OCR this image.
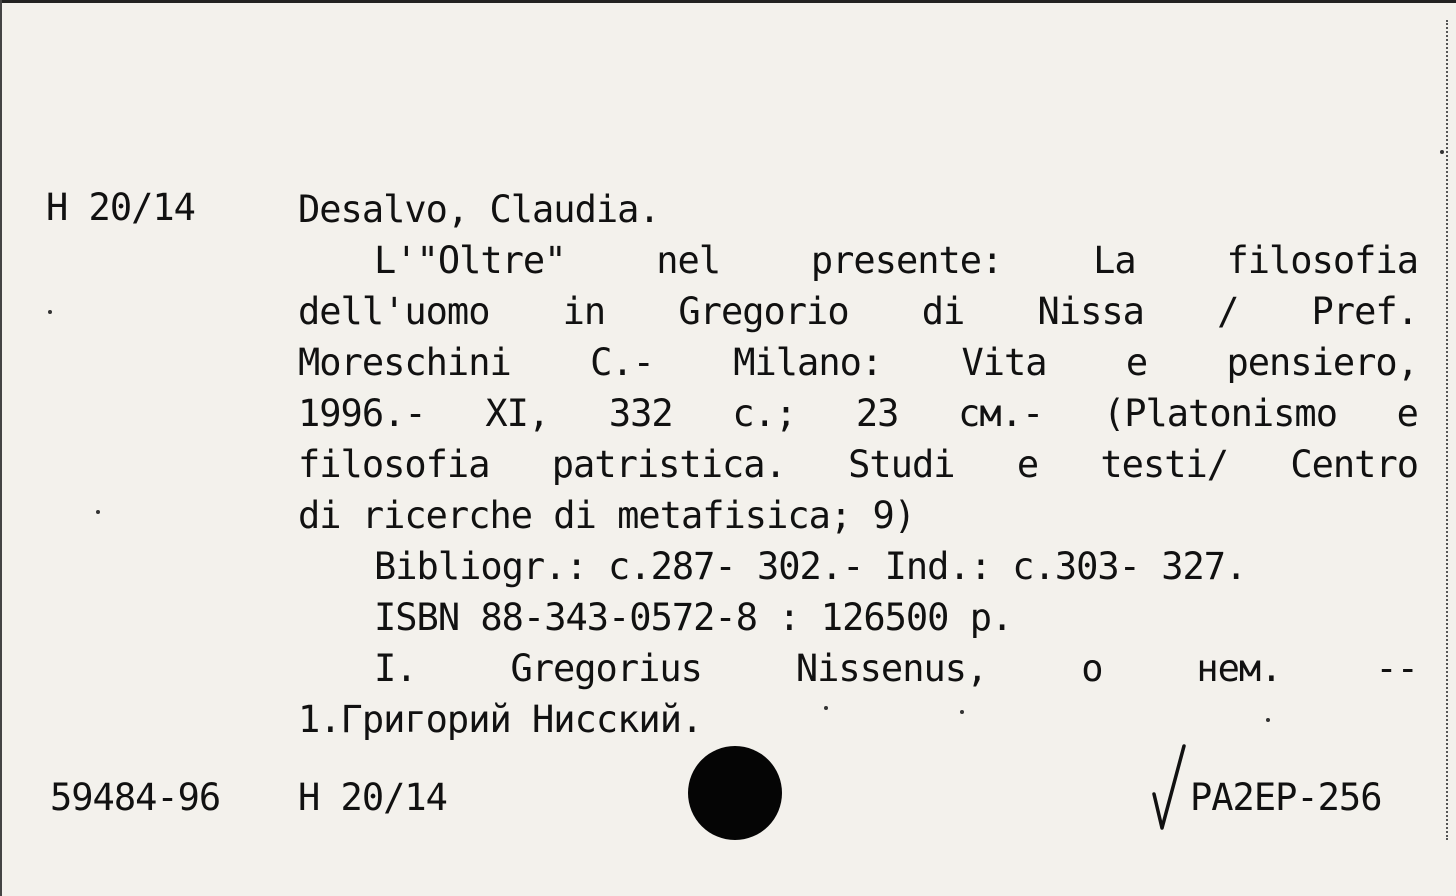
H 20/14	Desalvo, Claudia.
L'"Oltre" nel presente: La filosofia
dell'uomo in Gregorio di Nissa / Pref.
Moreschini C.- Milano: Vita e pensiero,
1996.- XI, 332 c.; 23 см.- (Platonismo e
filosofia patristica. Studi e testi/ Centro
di ricerche di metafisica; 9)
Bibliogr.: c.287- 302.- Ind.: c.303- 327.
ISBN 88-343-0572-8 : 126500 р.
I.	Gregorius	Nissenus,	о	нем.	--
1.Григорий Нисский.
59484-96 H 20/14	PA2EP-256
